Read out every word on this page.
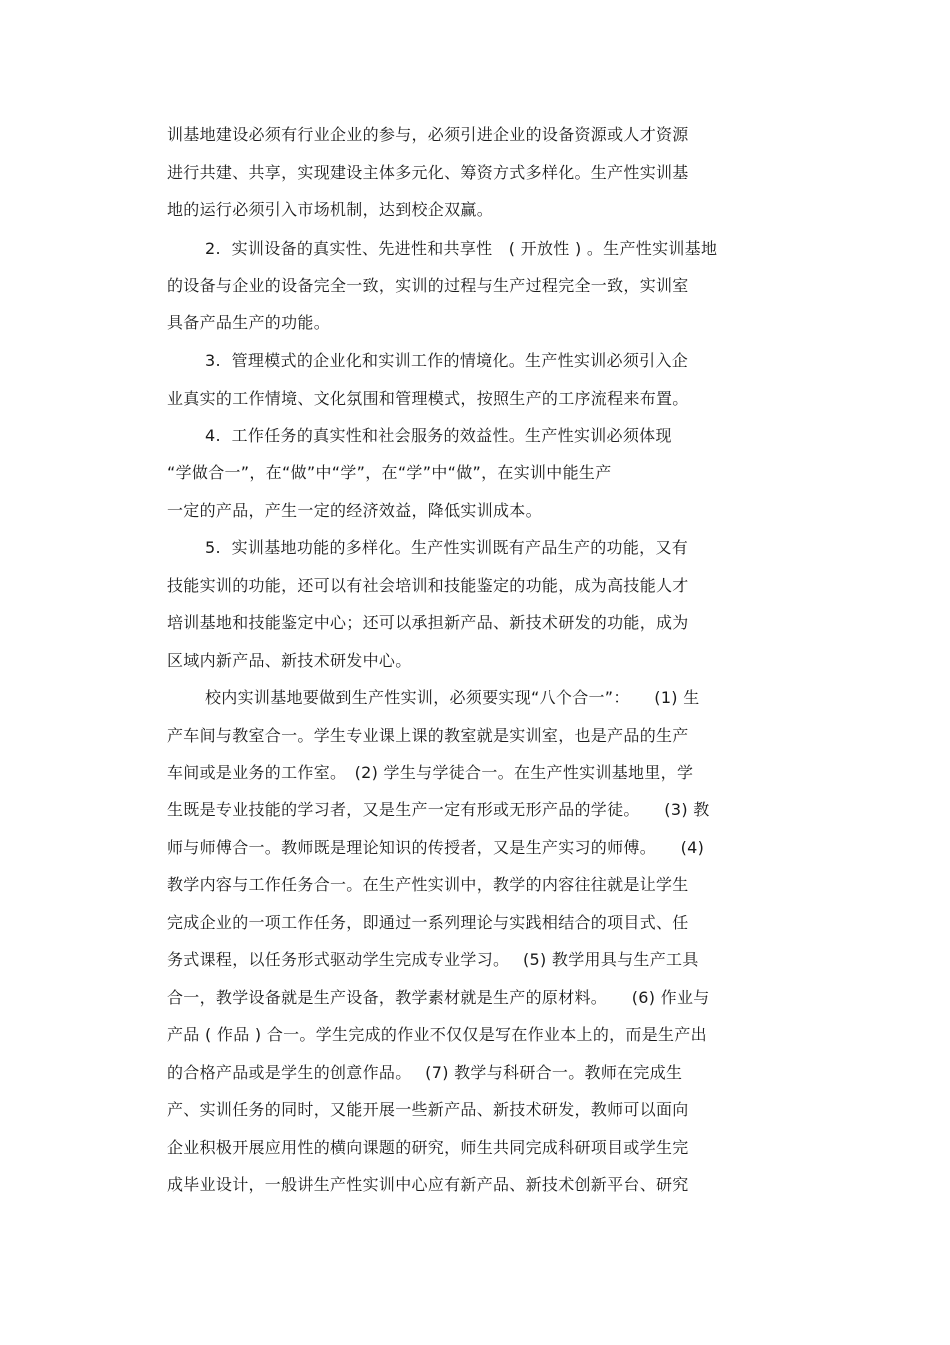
训基地建设必须有行业企业的参与，必须引进企业的设备资源或人才资源
进行共建、共享，实现建设主体多元化、筹资方式多样化。生产性实训基
地的运行必须引入市场机制，达到校企双赢。
2.  实训设备的真实性、先进性和共享性　( 开放性 ) 。生产性实训基地
的设备与企业的设备完全一致，实训的过程与生产过程完全一致，实训室
具备产品生产的功能。
3.  管理模式的企业化和实训工作的情境化。生产性实训必须引入企
业真实的工作情境、文化氛围和管理模式，按照生产的工序流程来布置。
4.  工作任务的真实性和社会服务的效益性。生产性实训必须体现
“学做合一”，在“做”中“学”，在“学”中“做”，在实训中能生产
一定的产品，产生一定的经济效益，降低实训成本。
5.  实训基地功能的多样化。生产性实训既有产品生产的功能，又有
技能实训的功能，还可以有社会培训和技能鉴定的功能，成为高技能人才
培训基地和技能鉴定中心；还可以承担新产品、新技术研发的功能，成为
区域内新产品、新技术研发中心。
校内实训基地要做到生产性实训，必须要实现“八个合一”：　　(1) 生
产车间与教室合一。学生专业课上课的教室就是实训室，也是产品的生产
车间或是业务的工作室。　(2) 学生与学徒合一。在生产性实训基地里，学
生既是专业技能的学习者，又是生产一定有形或无形产品的学徒。　　(3) 教
师与师傅合一。教师既是理论知识的传授者，又是生产实习的师傅。　　(4)
教学内容与工作任务合一。在生产性实训中，教学的内容往往就是让学生
完成企业的一项工作任务，即通过一系列理论与实践相结合的项目式、任
务式课程，以任务形式驱动学生完成专业学习。　 (5) 教学用具与生产工具
合一，教学设备就是生产设备，教学素材就是生产的原材料。　　(6) 作业与
产品 ( 作品 ) 合一。学生完成的作业不仅仅是写在作业本上的，而是生产出
的合格产品或是学生的创意作品。　 (7) 教学与科研合一。教师在完成生
产、实训任务的同时，又能开展一些新产品、新技术研发，教师可以面向
企业积极开展应用性的横向课题的研究，师生共同完成科研项目或学生完
成毕业设计，一般讲生产性实训中心应有新产品、新技术创新平台、研究
